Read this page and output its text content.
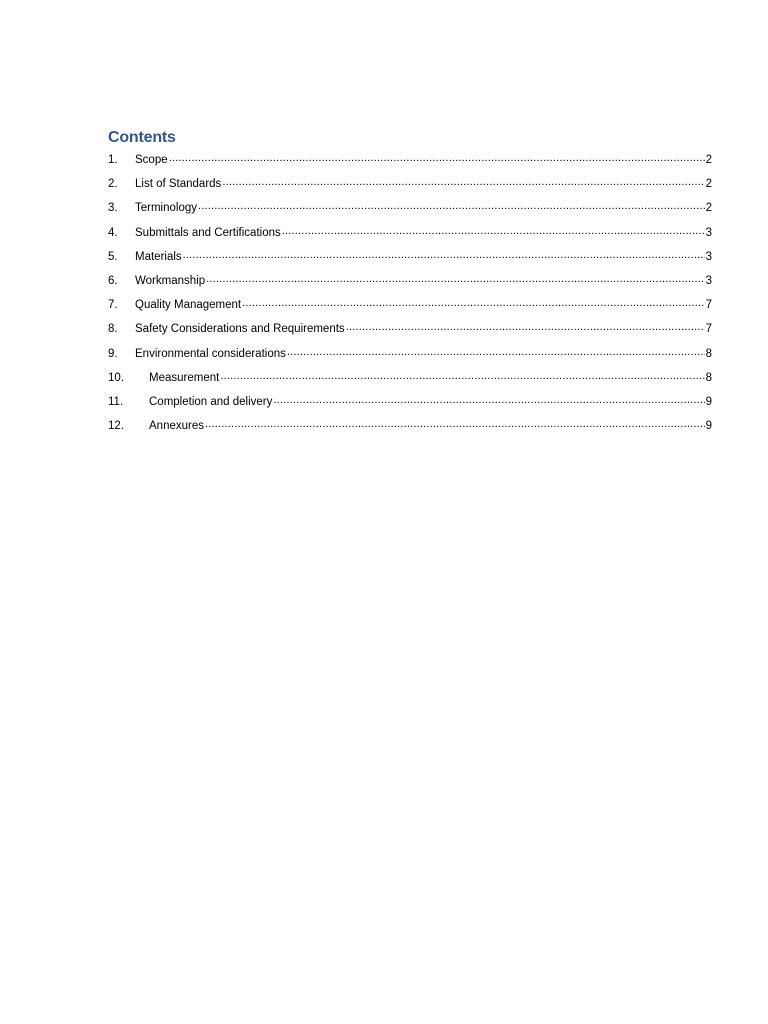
Contents
1.	Scope .....	2
2.	List of Standards .....	2
3.	Terminology .....	2
4.	Submittals and Certifications .....	3
5.	Materials .....	3
6.	Workmanship .....	3
7.	Quality Management .....	7
8.	Safety Considerations and Requirements .....	7
9.	Environmental considerations .....	8
10.	Measurement .....	8
11.	Completion and delivery .....	9
12.	Annexures .....	9
